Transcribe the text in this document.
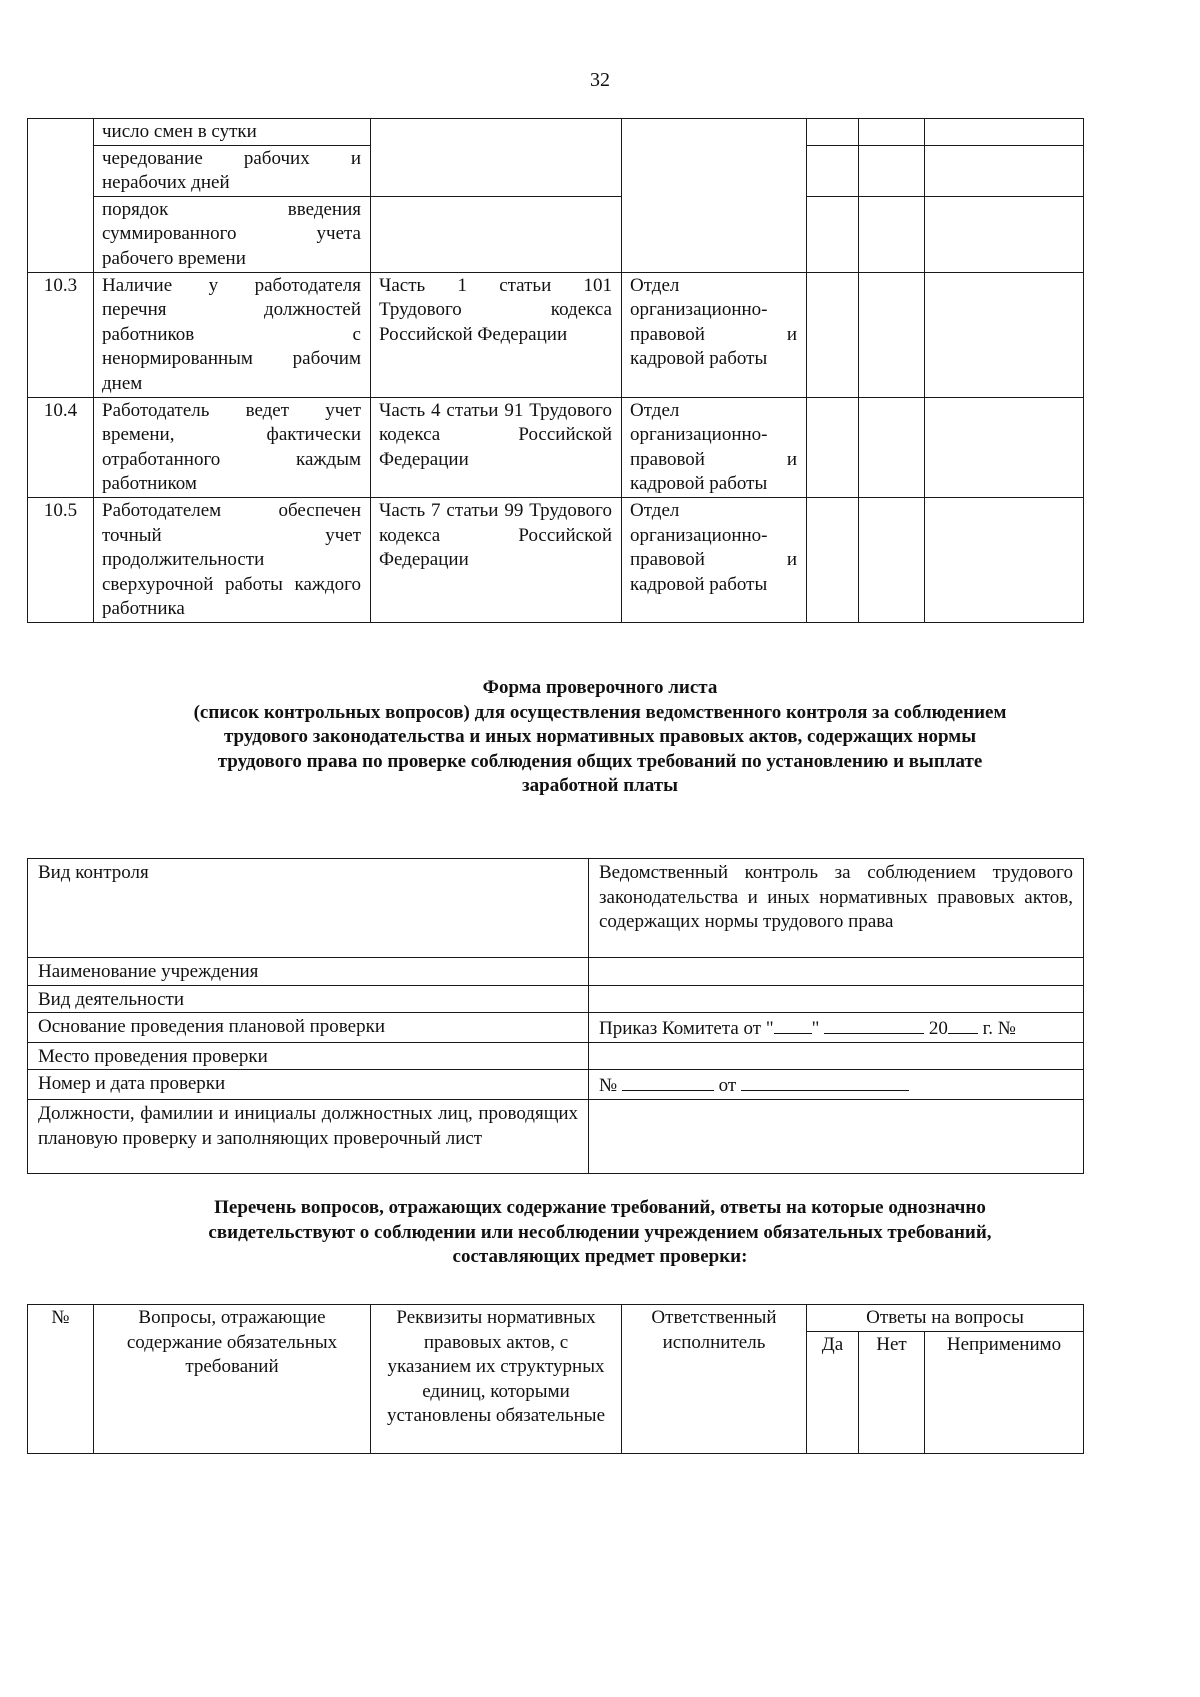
32
	число смен в сутки					

	чередование рабочих и
нерабочих дней					

	порядок введения суммированного учета рабочего времени					
10.3	Наличие у работодателя перечня должностей работников с ненормированным рабочим днем	Часть 1 статьи 101 Трудового кодекса Российской Федерации	Отдел организационно-правовой и кадровой работы			
10.4	Работодатель ведет учет времени, фактически отработанного каждым работником	Часть 4 статьи 91 Трудового кодекса Российской Федерации	Отдел организационно-правовой и кадровой работы			
10.5	Работодателем обеспечен точный учет продолжительности сверхурочной работы каждого работника	Часть 7 статьи 99 Трудового кодекса Российской Федерации	Отдел организационно-правовой и кадровой работы			
Форма проверочного листа
(список контрольных вопросов) для осуществления ведомственного контроля за соблюдением
трудового законодательства и иных нормативных правовых актов, содержащих нормы
трудового права по проверке соблюдения общих требований по установлению и выплате
заработной платы
Вид контроля	Ведомственный контроль за соблюдением трудового законодательства и иных нормативных правовых актов, содержащих нормы трудового права
Наименование учреждения	
Вид деятельности	
Основание проведения плановой проверки	Приказ Комитета от " " 20 г. №
Место проведения проверки	
Номер и дата проверки	№ от
Должности, фамилии и инициалы должностных лиц, проводящих плановую проверку и заполняющих проверочный лист	
Перечень вопросов, отражающих содержание требований, ответы на которые однозначно
свидетельствуют о соблюдении или несоблюдении учреждением обязательных требований,
составляющих предмет проверки:
№	Вопросы, отражающие содержание обязательных требований	Реквизиты нормативных правовых актов, с указанием их структурных единиц, которыми установлены обязательные	Ответственный исполнитель	Ответы на вопросы		
				Да	Нет	Неприменимо
